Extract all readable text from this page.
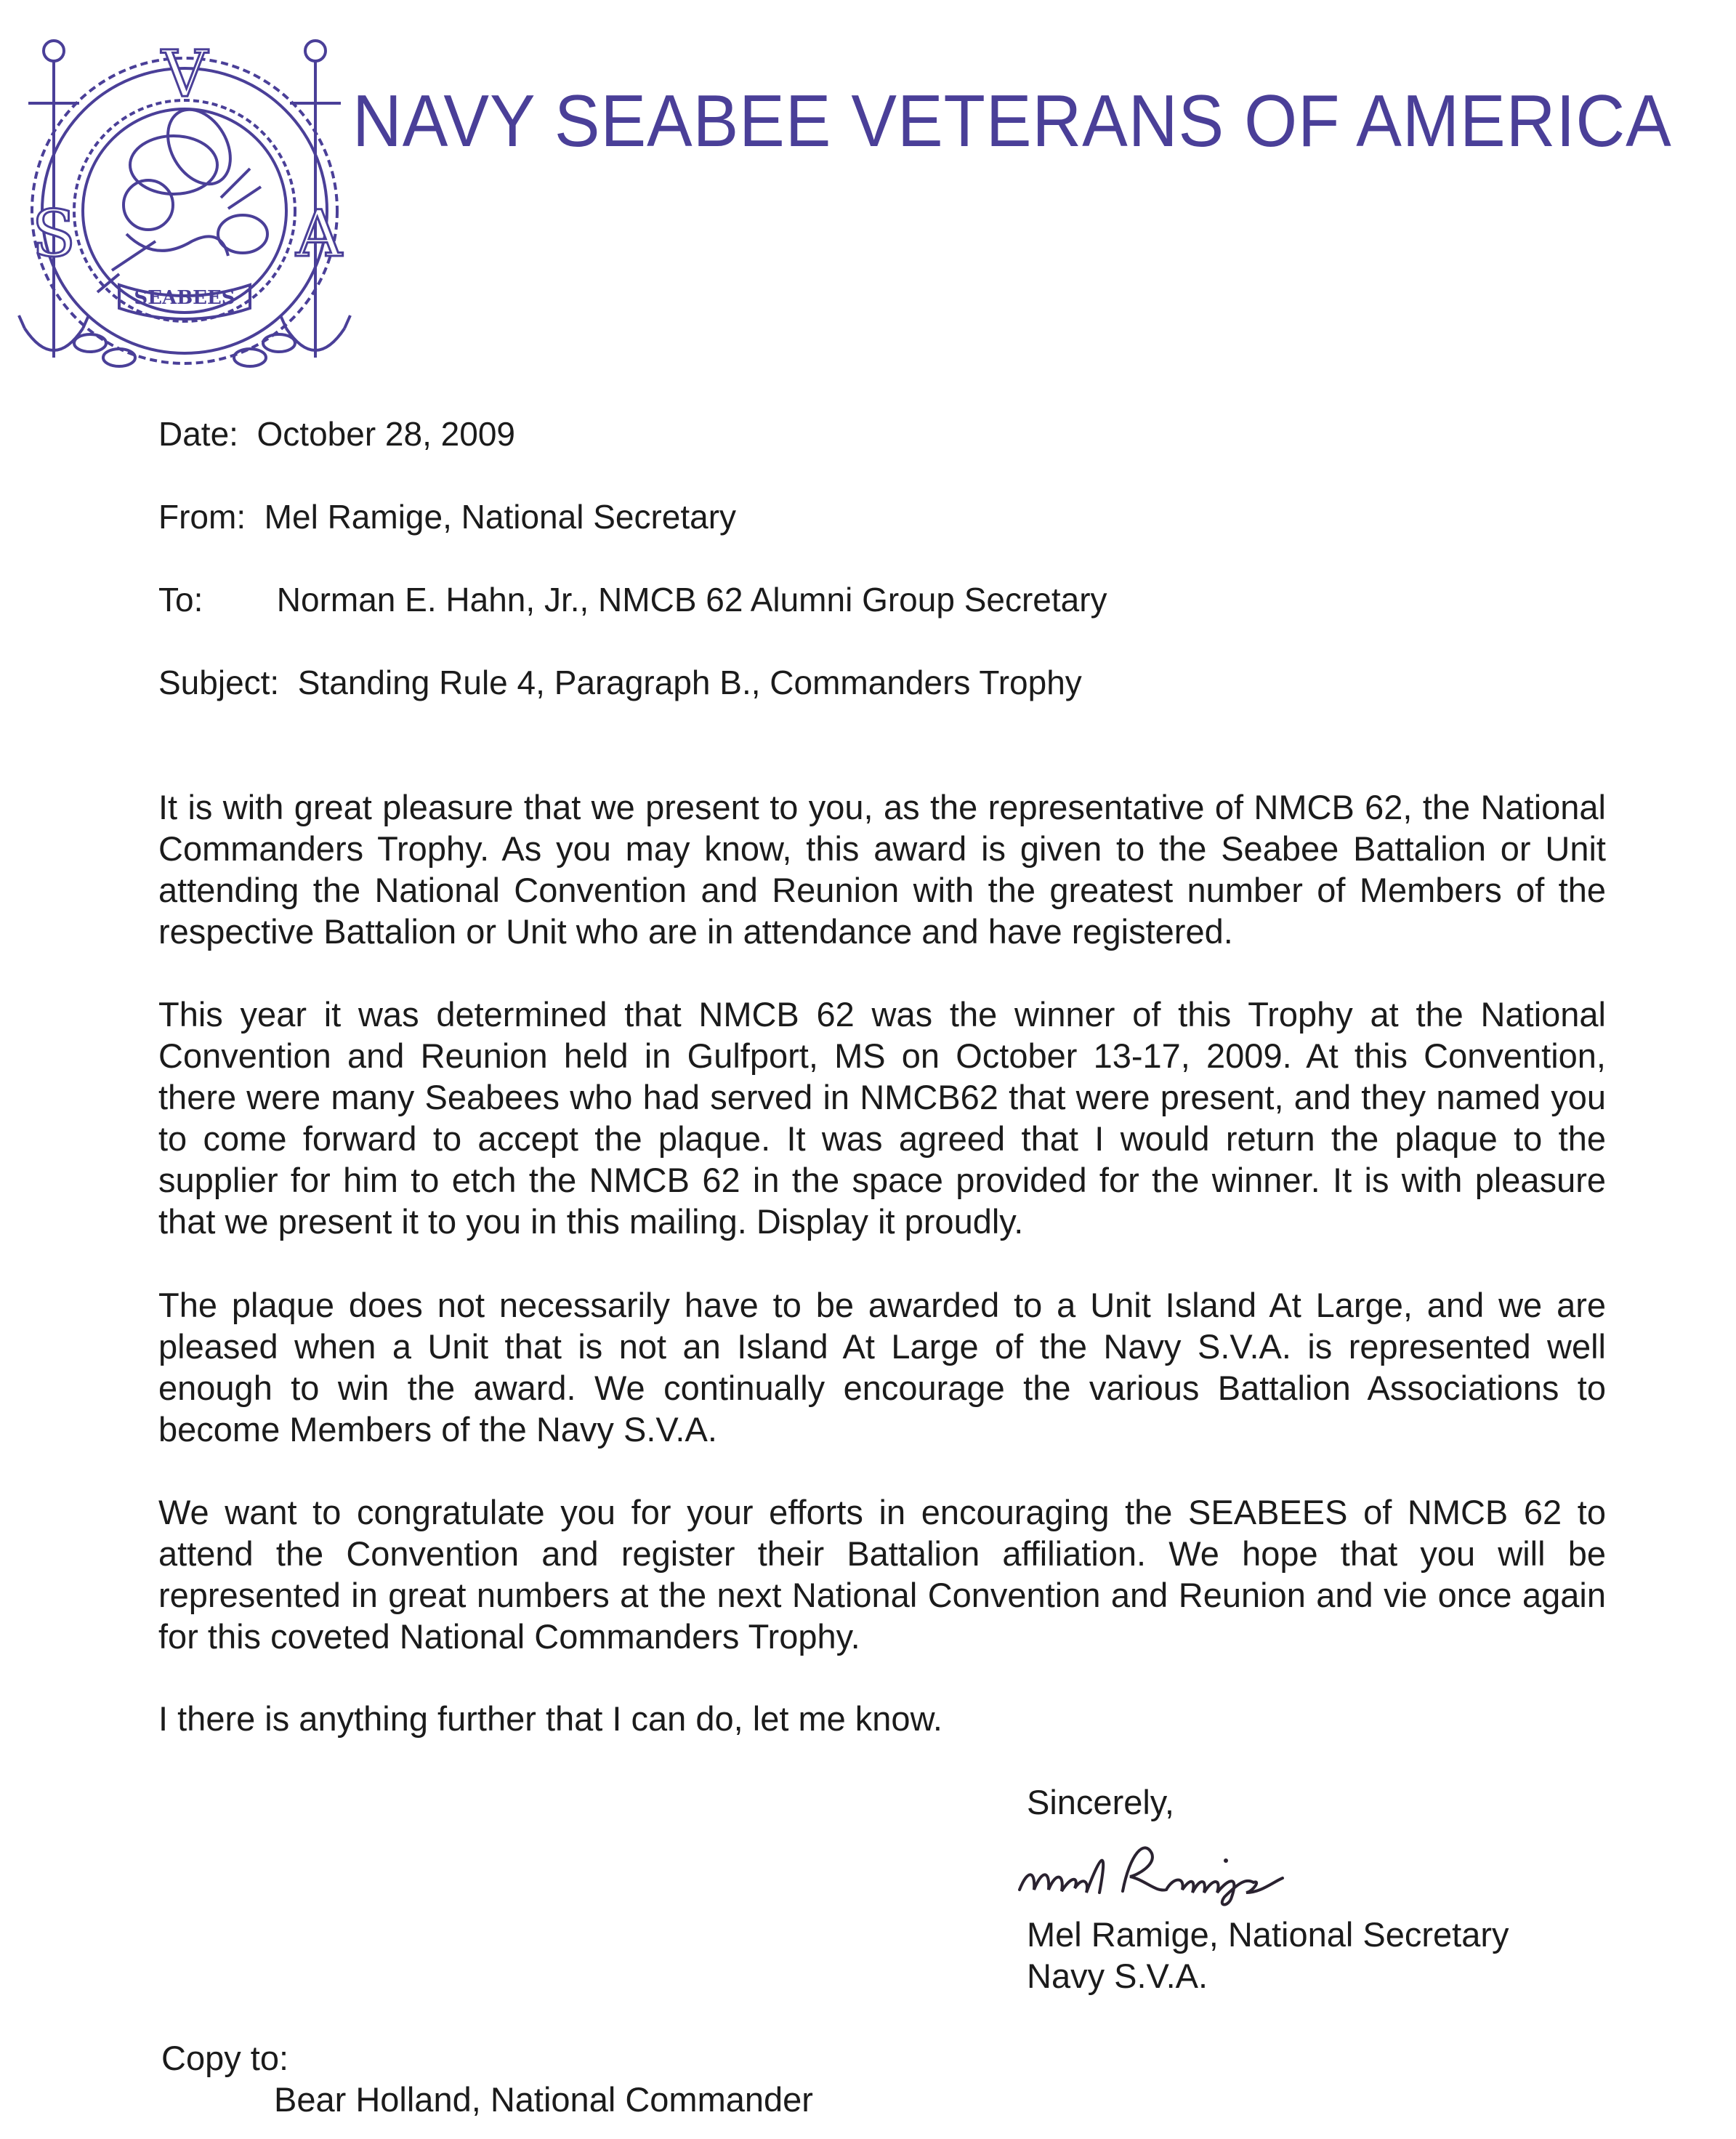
V
S	A
SEABEES
NAVY SEABEE VETERANS OF AMERICA
Date: October 28, 2009
From: Mel Ramige, National Secretary
To: Norman E. Hahn, Jr., NMCB 62 Alumni Group Secretary
Subject: Standing Rule 4, Paragraph B., Commanders Trophy

It is with great pleasure that we present to you, as the representative of NMCB 62, the National Commanders Trophy. As you may know, this award is given to the Seabee Battalion or Unit attending the National Convention and Reunion with the greatest number of Members of the respective Battalion or Unit who are in attendance and have registered.

This year it was determined that NMCB 62 was the winner of this Trophy at the National Convention and Reunion held in Gulfport, MS on October 13-17, 2009. At this Convention, there were many Seabees who had served in NMCB62 that were present, and they named you to come forward to accept the plaque. It was agreed that I would return the plaque to the supplier for him to etch the NMCB 62 in the space provided for the winner. It is with pleasure that we present it to you in this mailing. Display it proudly.

The plaque does not necessarily have to be awarded to a Unit Island At Large, and we are pleased when a Unit that is not an Island At Large of the Navy S.V.A. is represented well enough to win the award. We continually encourage the various Battalion Associations to become Members of the Navy S.V.A.

We want to congratulate you for your efforts in encouraging the SEABEES of NMCB 62 to attend the Convention and register their Battalion affiliation. We hope that you will be represented in great numbers at the next National Convention and Reunion and vie once again for this coveted National Commanders Trophy.

I there is anything further that I can do, let me know.
Sincerely,
Mel Ramige, National Secretary
Navy S.V.A.
Copy to:
Bear Holland, National Commander
